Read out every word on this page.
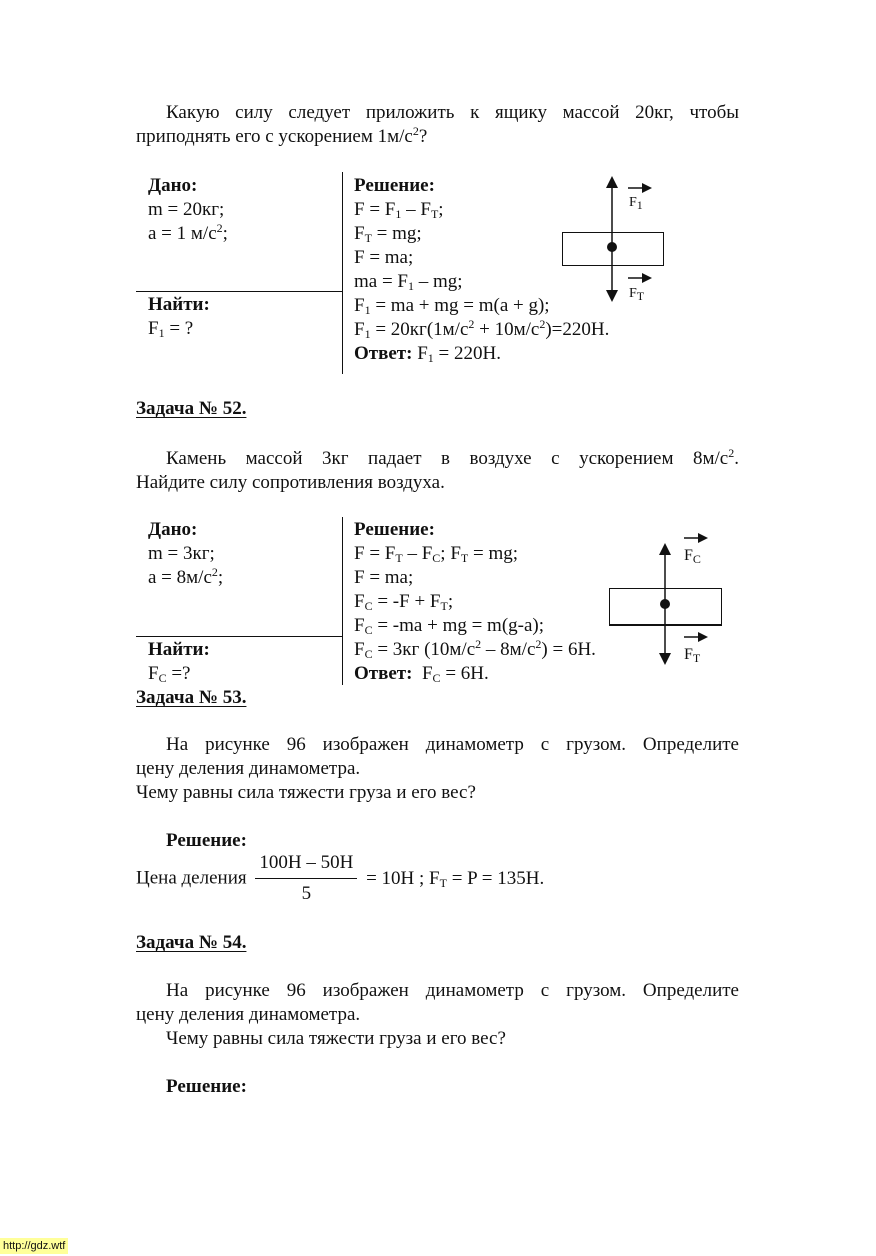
Какую силу следует приложить к ящику массой 20кг, чтобы
приподнять его с ускорением $1м/с^2$?
Дано:
m = 20кг;
a = 1 $м/с^2$;
Найти:
$F_1$ = ?
Решение:
$F = F_1 - F_Т$;
$F_Т$ = mg;
F = ma;
ma = $F_1$ – mg;
$F_1$ = ma + mg = m(a + g);
$F_1 = 20кг(1м/с^2 + 10м/с^2)=220Н$.
Ответ: $F_1 = 220Н$.
$F_1$
$F_Т$
Задача № 52.
Камень массой 3кг падает в воздухе с ускорением $8м/с^2$.
Найдите силу сопротивления воздуха.
Дано:
m = 3кг;
$a = 8м/с^2$;
Найти:
$F_C$ =?
Решение:
$F = F_Т - F_C$; $F_Т$ = mg;
F = ma;
$F_C = -F + F_Т$;
$F_C = -ma$ + mg = m(g-a);
$F_C = 3кг$ $(10м/с^2 - 8м/с^2) = 6Н$.
Ответ:  $F_C = 6Н$.
$F_C$
$F_Т$
Задача № 53.
На рисунке 96 изображен динамометр с грузом. Определите
цену деления динамометра.
Чему равны сила тяжести груза и его вес?
Решение:
Цена деления $\frac{100Н - 50Н}{5} = 10Н$ ; $F_Т = P = 135Н$.
Задача № 54.
На рисунке 96 изображен динамометр с грузом. Определите
цену деления динамометра.
Чему равны сила тяжести груза и его вес?
Решение:
http://gdz.wtf
